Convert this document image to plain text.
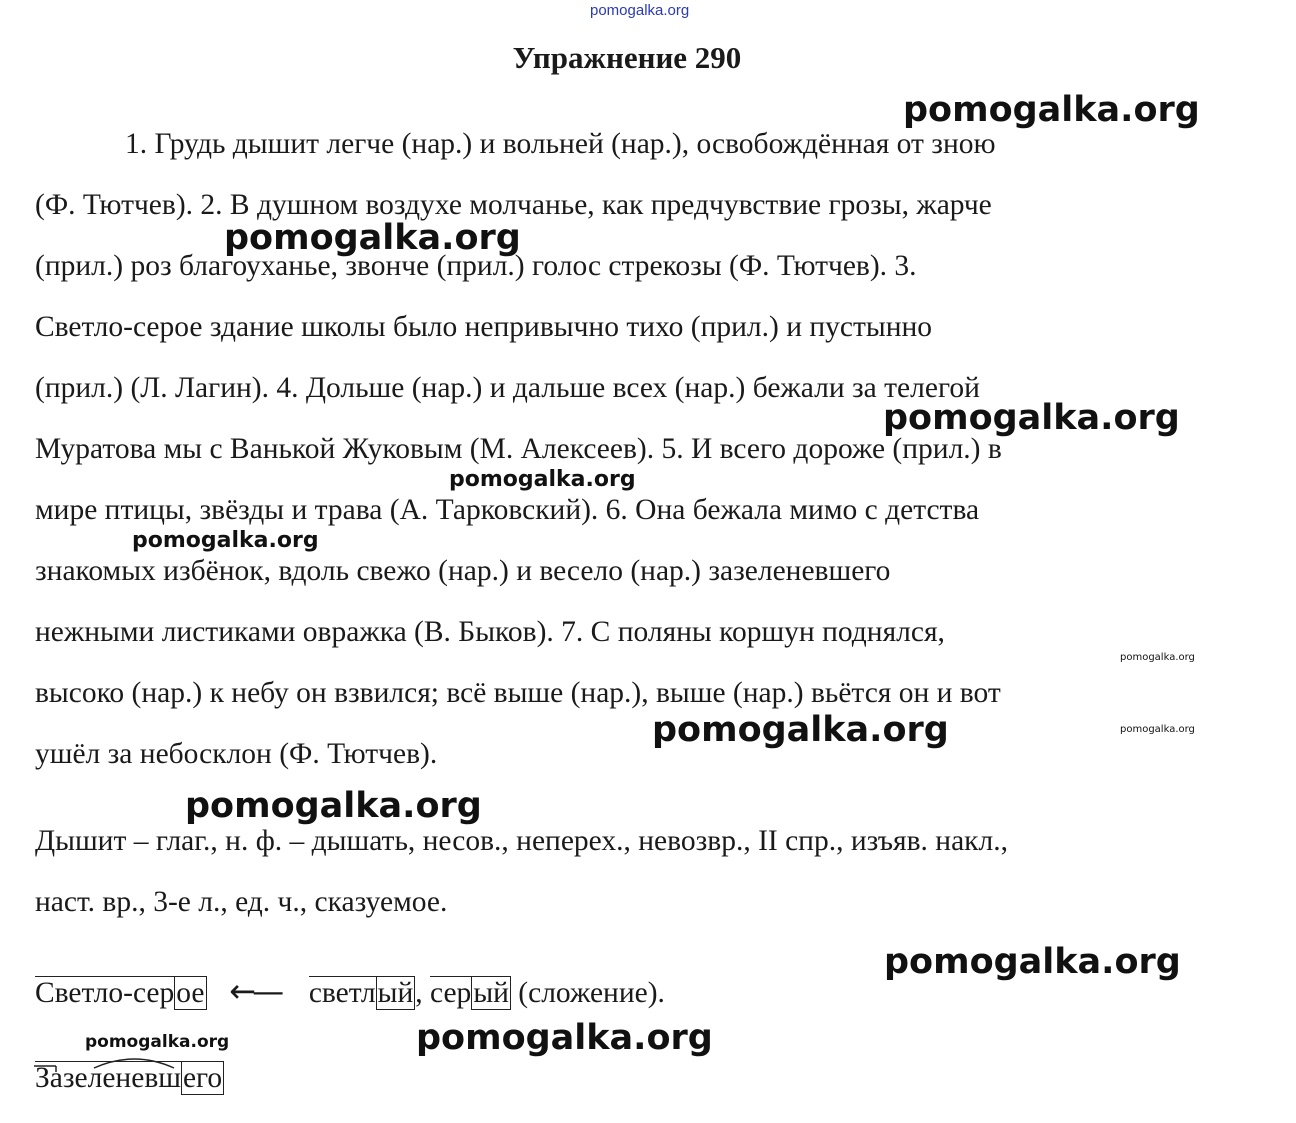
pomogalka.org
pomogalka.org
pomogalka.org
pomogalka.org
pomogalka.org
pomogalka.org
pomogalka.org
pomogalka.org
pomogalka.org
pomogalka.org
pomogalka.org
pomogalka.org
pomogalka.org
Упражнение 290
1. Грудь дышит легче (нар.) и вольней (нар.), освобождённая от зною
(Ф. Тютчев). 2. В душном воздухе молчанье, как предчувствие грозы, жарче
(прил.) роз благоуханье, звонче (прил.) голос стрекозы (Ф. Тютчев). 3.
Светло-серое здание школы было непривычно тихо (прил.) и пустынно
(прил.) (Л. Лагин). 4. Дольше (нар.) и дальше всех (нар.) бежали за телегой
Муратова мы с Ванькой Жуковым (М. Алексеев). 5. И всего дороже (прил.) в
мире птицы, звёзды и трава (А. Тарковский). 6. Она бежала мимо с детства
знакомых избёнок, вдоль свежо (нар.) и весело (нар.) зазеленевшего
нежными листиками овражка (В. Быков). 7. С поляны коршун поднялся,
высоко (нар.) к небу он взвился; всё выше (нар.), выше (нар.) вьётся он и вот
ушёл за небосклон (Ф. Тютчев).
Дышит – глаг., н. ф. – дышать, несов., неперех., невозвр., II спр., изъяв. накл.,
наст. вр., 3-е л., ед. ч., сказуемое.
Светло-серое ←— светлый, серый (сложение).
Зазеленевшего
